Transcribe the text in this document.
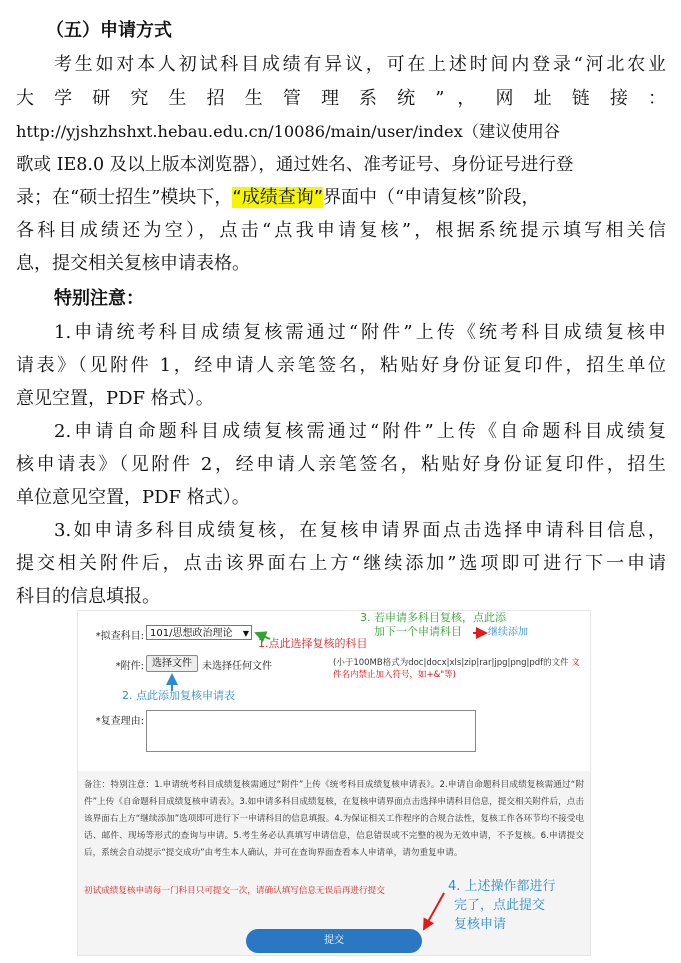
（五）申请方式
考生如对本人初试科目成绩有异议，可在上述时间内登录“河北农业
大 学 研 究 生 招 生 管 理 系 统 ” ， 网 址 链 接 ：
http://yjshzhshxt.hebau.edu.cn/10086/main/user/index（建议使用谷
歌或 IE8.0 及以上版本浏览器），通过姓名、准考证号、身份证号进行登
录；在“硕士招生”模块下，“成绩查询”界面中（“申请复核”阶段，
各科目成绩还为空），点击“点我申请复核”，根据系统提示填写相关信
息，提交相关复核申请表格。
特别注意：
1.申请统考科目成绩复核需通过“附件”上传《统考科目成绩复核申
请表》（见附件 1，经申请人亲笔签名，粘贴好身份证复印件，招生单位
意见空置，PDF 格式）。
2.申请自命题科目成绩复核需通过“附件”上传《自命题科目成绩复
核申请表》（见附件 2，经申请人亲笔签名，粘贴好身份证复印件，招生
单位意见空置，PDF 格式）。
3.如申请多科目成绩复核，在复核申请界面点击选择申请科目信息，
提交相关附件后，点击该界面右上方“继续添加”选项即可进行下一申请
科目的信息填报。
*拟查科目: 101/思想政治理论 ▼
1.点此选择复核的科目
3. 若申请多科目复核，点此添
加下一个申请科目	继续添加
*附件: 选择文件	未选择任何文件	(小于100MB格式为doc|docx|xls|zip|rar|jpg|png|pdf的文件 文件名内禁止加入符号，如+&"等)
2. 点此添加复核申请表
*复查理由:
备注：特别注意：1.申请统考科目成绩复核需通过“附件”上传《统考科目成绩复核申请表》。2.申请自命题科目成绩复核需通过“附件”上传《自命题科目成绩复核申请表》。3.如申请多科目成绩复核，在复核申请界面点击选择申请科目信息，提交相关附件后，点击该界面右上方“继续添加”选项即可进行下一申请科目的信息填报。4.为保证相关工作程序的合规合法性，复核工作各环节均不接受电话、邮件、现场等形式的查询与申请。5.考生务必认真填写申请信息，信息错误或不完整的视为无效申请，不予复核。6.申请提交后，系统会自动提示“提交成功”由考生本人确认，并可在查询界面查看本人申请单，请勿重复申请。
初试成绩复核申请每一门科目只可提交一次，请确认填写信息无误后再进行提交	4. 上述操作都进行
完了，点此提交
复核申请
提交
